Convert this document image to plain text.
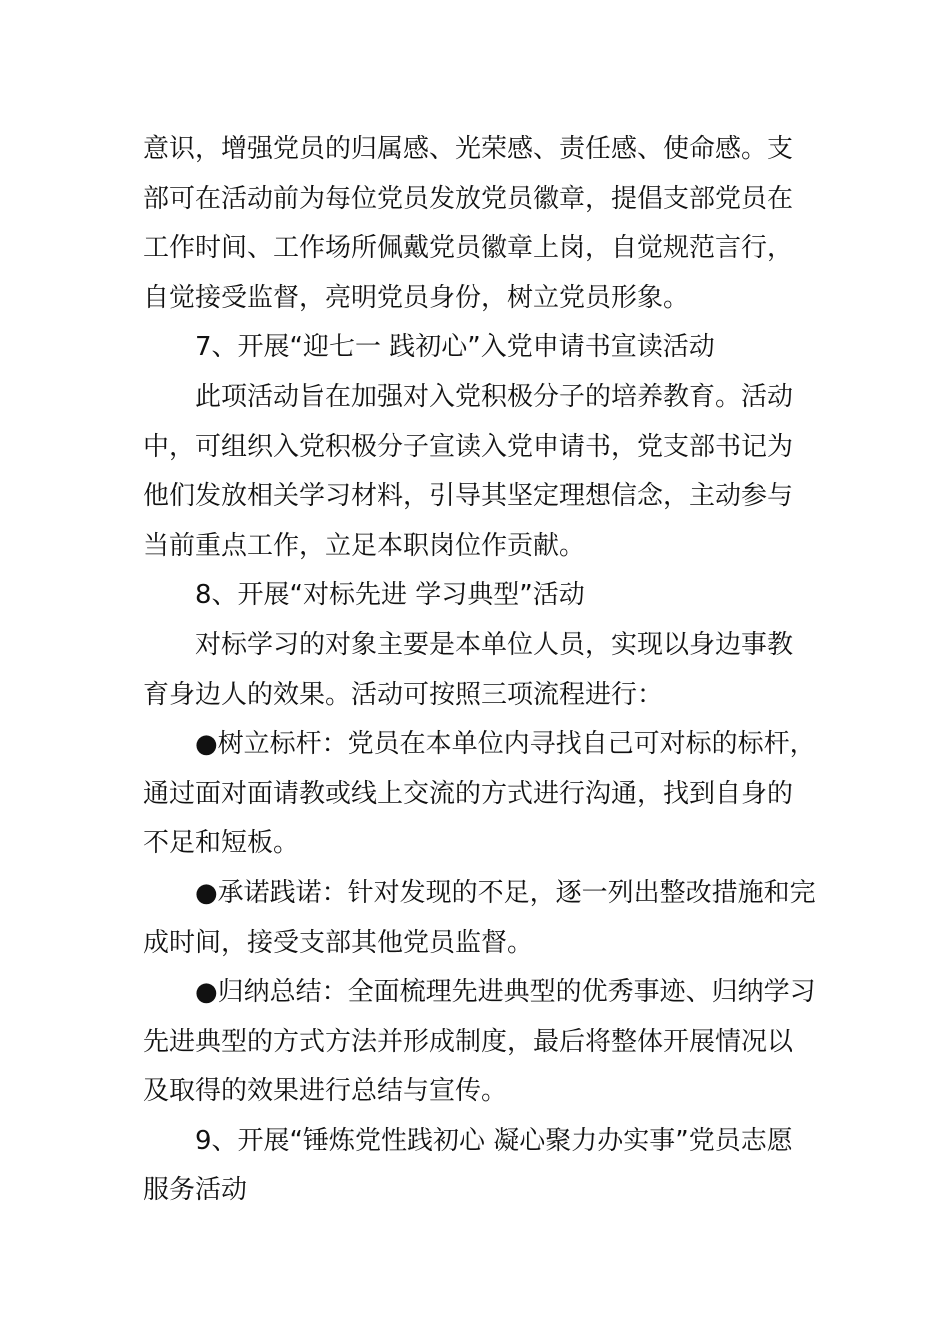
意识，增强党员的归属感、光荣感、责任感、使命感。支

部可在活动前为每位党员发放党员徽章，提倡支部党员在

工作时间、工作场所佩戴党员徽章上岗，自觉规范言行，

自觉接受监督，亮明党员身份，树立党员形象。

7、开展“迎七一 践初心”入党申请书宣读活动

此项活动旨在加强对入党积极分子的培养教育。活动

中，可组织入党积极分子宣读入党申请书，党支部书记为

他们发放相关学习材料，引导其坚定理想信念，主动参与

当前重点工作，立足本职岗位作贡献。

8、开展“对标先进 学习典型”活动

对标学习的对象主要是本单位人员，实现以身边事教

育身边人的效果。活动可按照三项流程进行：

●树立标杆：党员在本单位内寻找自己可对标的标杆，

通过面对面请教或线上交流的方式进行沟通，找到自身的

不足和短板。

●承诺践诺：针对发现的不足，逐一列出整改措施和完

成时间，接受支部其他党员监督。

●归纳总结：全面梳理先进典型的优秀事迹、归纳学习

先进典型的方式方法并形成制度，最后将整体开展情况以

及取得的效果进行总结与宣传。

9、开展“锤炼党性践初心 凝心聚力办实事”党员志愿

服务活动
